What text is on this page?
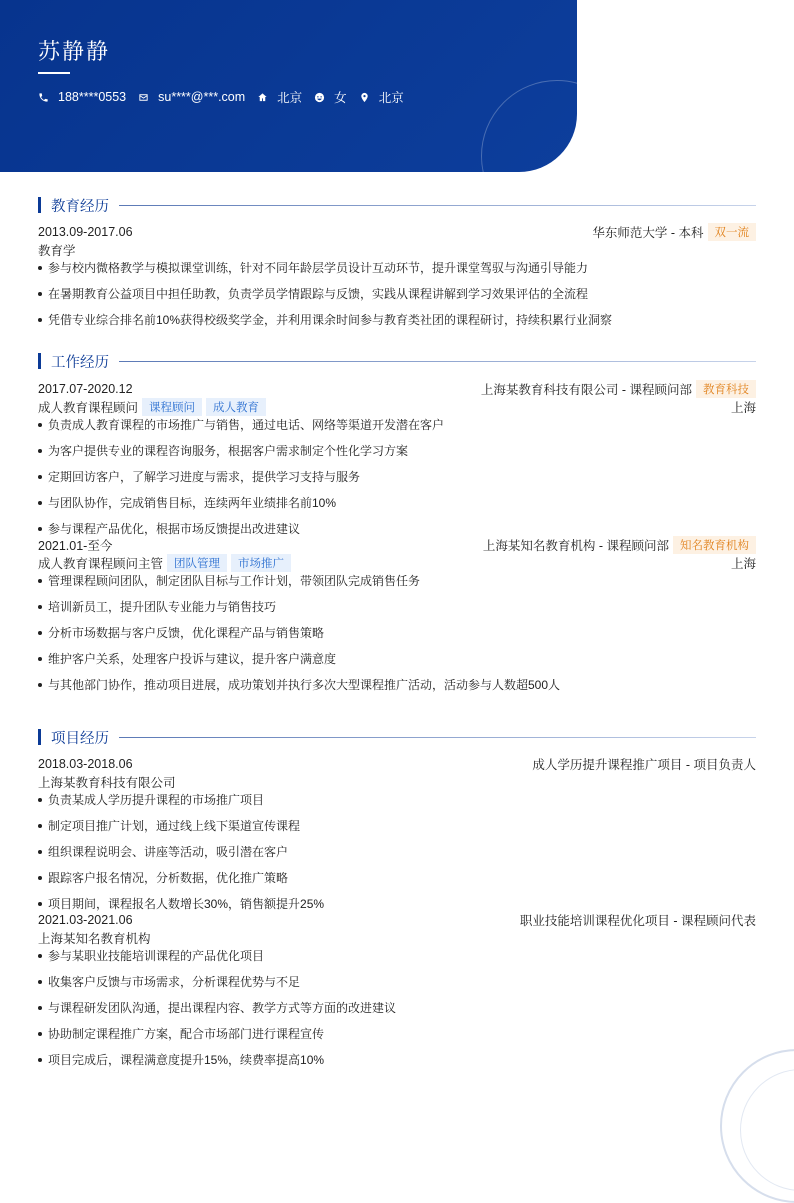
苏静静
188****0553	su****@***.com	北京	女	北京
教育经历
2013.09-2017.06	华东师范大学 - 本科 双一流
教育学
参与校内微格教学与模拟课堂训练，针对不同年龄层学员设计互动环节，提升课堂驾驭与沟通引导能力
在暑期教育公益项目中担任助教，负责学员学情跟踪与反馈，实践从课程讲解到学习效果评估的全流程
凭借专业综合排名前10%获得校级奖学金，并利用课余时间参与教育类社团的课程研讨，持续积累行业洞察
工作经历
2017.07-2020.12	上海某教育科技有限公司 - 课程顾问部 教育科技
成人教育课程顾问 课程顾问	成人教育	上海
负责成人教育课程的市场推广与销售，通过电话、网络等渠道开发潜在客户
为客户提供专业的课程咨询服务，根据客户需求制定个性化学习方案
定期回访客户，了解学习进度与需求，提供学习支持与服务
与团队协作，完成销售目标，连续两年业绩排名前10%
参与课程产品优化，根据市场反馈提出改进建议
2021.01-至今	上海某知名教育机构 - 课程顾问部 知名教育机构
成人教育课程顾问主管 团队管理	市场推广	上海
管理课程顾问团队，制定团队目标与工作计划，带领团队完成销售任务
培训新员工，提升团队专业能力与销售技巧
分析市场数据与客户反馈，优化课程产品与销售策略
维护客户关系，处理客户投诉与建议，提升客户满意度
与其他部门协作，推动项目进展，成功策划并执行多次大型课程推广活动，活动参与人数超500人
项目经历
2018.03-2018.06	成人学历提升课程推广项目 - 项目负责人
上海某教育科技有限公司
负责某成人学历提升课程的市场推广项目
制定项目推广计划，通过线上线下渠道宣传课程
组织课程说明会、讲座等活动，吸引潜在客户
跟踪客户报名情况，分析数据，优化推广策略
项目期间，课程报名人数增长30%，销售额提升25%
2021.03-2021.06	职业技能培训课程优化项目 - 课程顾问代表
上海某知名教育机构
参与某职业技能培训课程的产品优化项目
收集客户反馈与市场需求，分析课程优势与不足
与课程研发团队沟通，提出课程内容、教学方式等方面的改进建议
协助制定课程推广方案，配合市场部门进行课程宣传
项目完成后，课程满意度提升15%，续费率提高10%
